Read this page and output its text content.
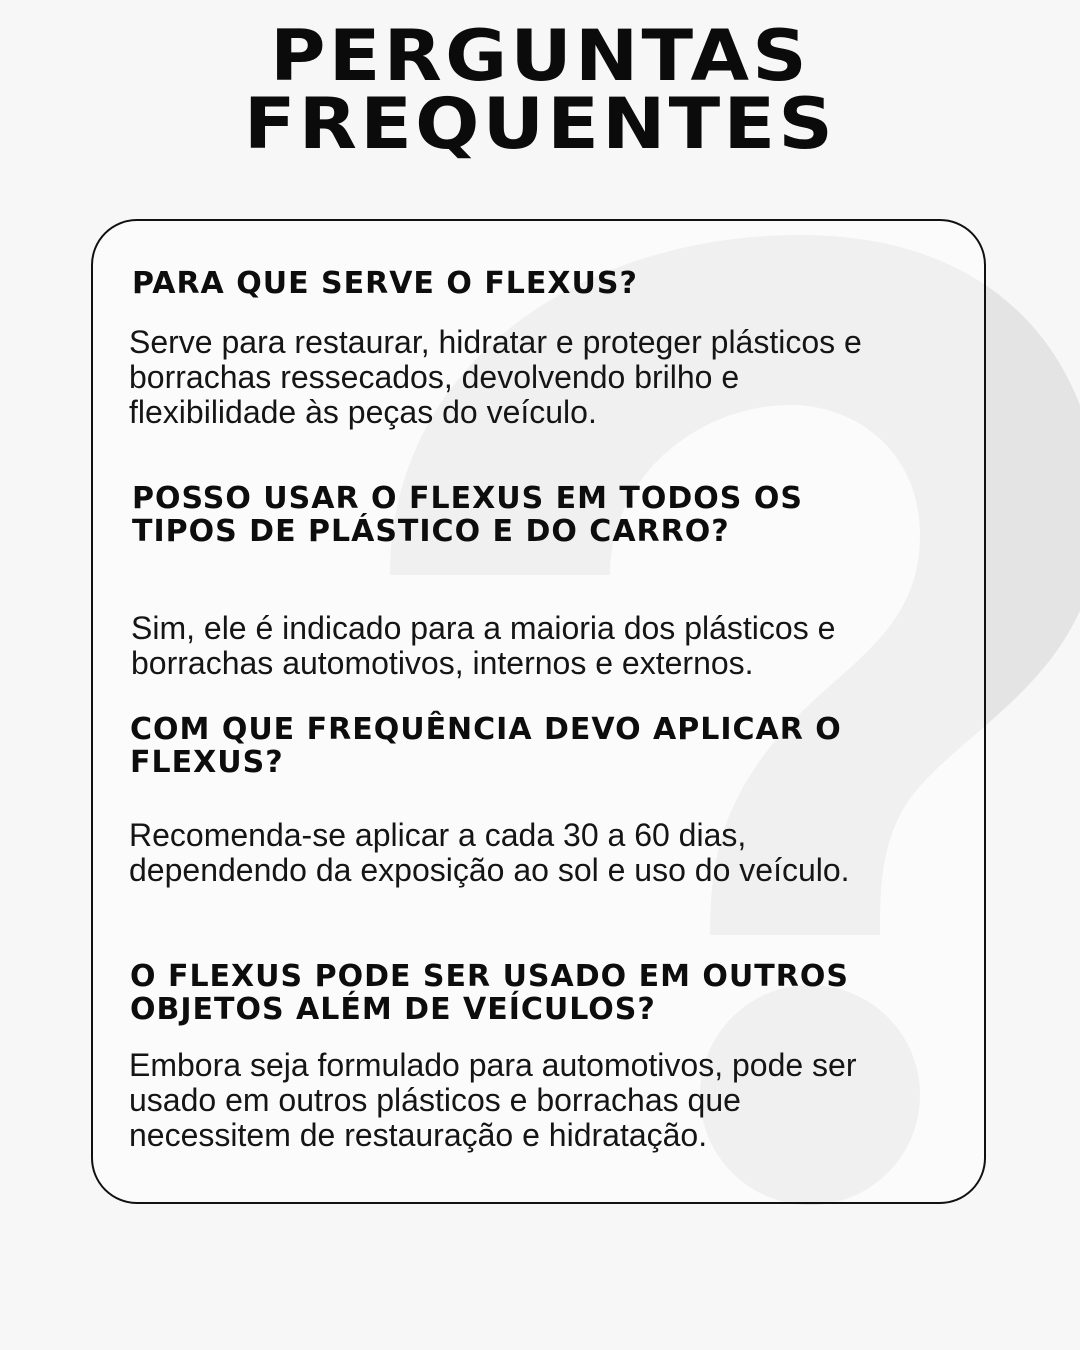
PERGUNTAS
FREQUENTES
PARA QUE SERVE O FLEXUS?

Serve para restaurar, hidratar e proteger plásticos e
borrachas ressecados, devolvendo brilho e
flexibilidade às peças do veículo.

POSSO USAR O FLEXUS EM TODOS OS
TIPOS DE PLÁSTICO E DO CARRO?

Sim, ele é indicado para a maioria dos plásticos e
borrachas automotivos, internos e externos.

COM QUE FREQUÊNCIA DEVO APLICAR O
FLEXUS?

Recomenda-se aplicar a cada 30 a 60 dias,
dependendo da exposição ao sol e uso do veículo.

O FLEXUS PODE SER USADO EM OUTROS
OBJETOS ALÉM DE VEÍCULOS?

Embora seja formulado para automotivos, pode ser
usado em outros plásticos e borrachas que
necessitem de restauração e hidratação.
